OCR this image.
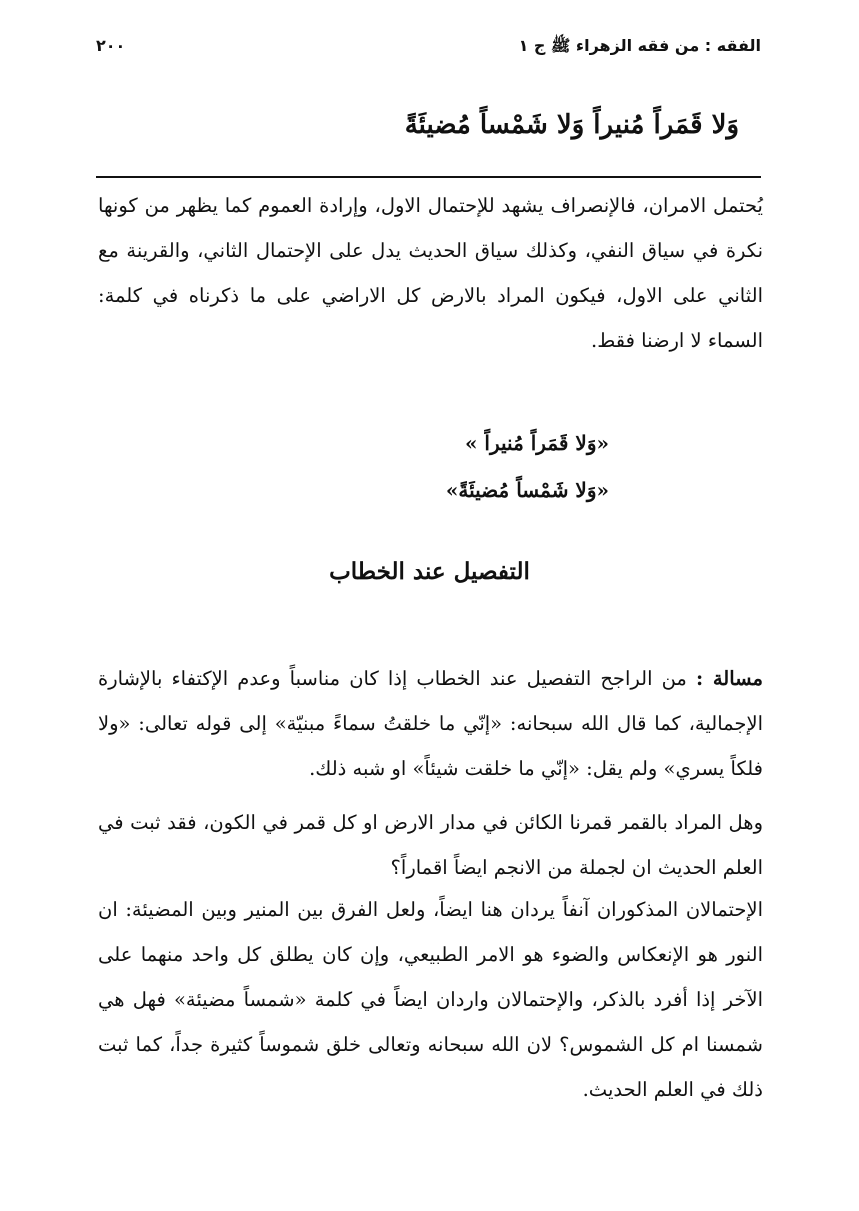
٢٠٠	الفقه : من فقه الزهراء ﷺ ج ١
وَلا قَمَراً مُنيراً وَلا شَمْساً مُضيئَةً

يُحتمل الامران، فالإنصراف يشهد للإحتمال الاول، وإرادة العموم كما يظهر من كونها نكرة في سياق النفي، وكذلك سياق الحديث يدل على الإحتمال الثاني، والقرينة مع الثاني على الاول، فيكون المراد بالارض كل الاراضي على ما ذكرناه في كلمة: السماء لا ارضنا فقط.

«وَلا قَمَراً مُنيراً »
«وَلا شَمْساً مُضيئَةً»
التفصيل عند الخطاب

مسالة : من الراجح التفصيل عند الخطاب إذا كان مناسباً وعدم الإكتفاء بالإشارة الإجمالية، كما قال الله سبحانه: «إنّي ما خلقتُ سماءً مبنيّة» إلى قوله تعالى: «ولا فلكاً يسري» ولم يقل: «إنّي ما خلقت شيئاً» او شبه ذلك.

وهل المراد بالقمر قمرنا الكائن في مدار الارض او كل قمر في الكون، فقد ثبت في العلم الحديث ان لجملة من الانجم ايضاً اقماراً؟

الإحتمالان المذكوران آنفاً يردان هنا ايضاً، ولعل الفرق بين المنير وبين المضيئة: ان النور هو الإنعكاس والضوء هو الامر الطبيعي، وإن كان يطلق كل واحد منهما على الآخر إذا أفرد بالذكر، والإحتمالان واردان ايضاً في كلمة «شمساً مضيئة» فهل هي شمسنا ام كل الشموس؟ لان الله سبحانه وتعالى خلق شموساً كثيرة جداً، كما ثبت ذلك في العلم الحديث.
